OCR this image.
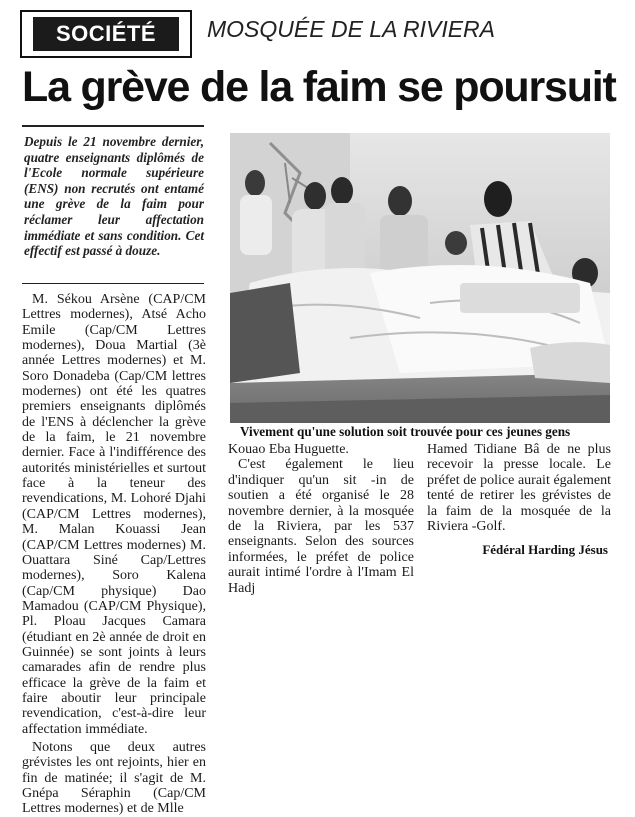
SOCIÉTÉ	MOSQUÉE DE LA RIVIERA
La grève de la faim se poursuit
Depuis le 21 novembre dernier, quatre enseignants diplômés de l'Ecole normale supérieure (ENS) non recrutés ont entamé une grève de la faim pour réclamer leur affectation immédiate et sans condition. Cet effectif est passé à douze.
Vivement qu'une solution soit trouvée pour ces jeunes gens

M. Sékou Arsène (CAP/CM Lettres modernes), Atsé Acho Emile (Cap/CM Lettres modernes), Doua Martial (3è année Lettres modernes) et M. Soro Donadeba (Cap/CM lettres modernes) ont été les quatres premiers enseignants diplômés de l'ENS à déclencher la grève de la faim, le 21 novembre dernier. Face à l'indifférence des autorités ministérielles et surtout face à la teneur des revendications, M. Lohoré Djahi (CAP/CM Lettres modernes), M. Malan Kouassi Jean (CAP/CM Lettres modernes) M. Ouattara Siné Cap/Lettres modernes), Soro Kalena (Cap/CM physique) Dao Mamadou (CAP/CM Physique), Pl. Ploau Jacques Camara (étudiant en 2è année de droit en Guinnée) se sont joints à leurs camarades afin de rendre plus efficace la grève de la faim et faire aboutir leur principale revendication, c'est-à-dire leur affectation immédiate.

Notons que deux autres grévistes les ont rejoints, hier en fin de matinée; il s'agit de M. Gnépa Séraphin (Cap/CM Lettres modernes) et de Mlle

Kouao Eba Huguette.

C'est également le lieu d'indiquer qu'un sit -in de soutien a été organisé le 28 novembre dernier, à la mosquée de la Riviera, par les 537 enseignants. Selon des sources informées, le préfet de police aurait intimé l'ordre à l'Imam El Hadj

Hamed Tidiane Bâ de ne plus recevoir la presse locale. Le préfet de police aurait également tenté de retirer les grévistes de la faim de la mosquée de la Riviera -Golf.

Fédéral Harding Jésus
